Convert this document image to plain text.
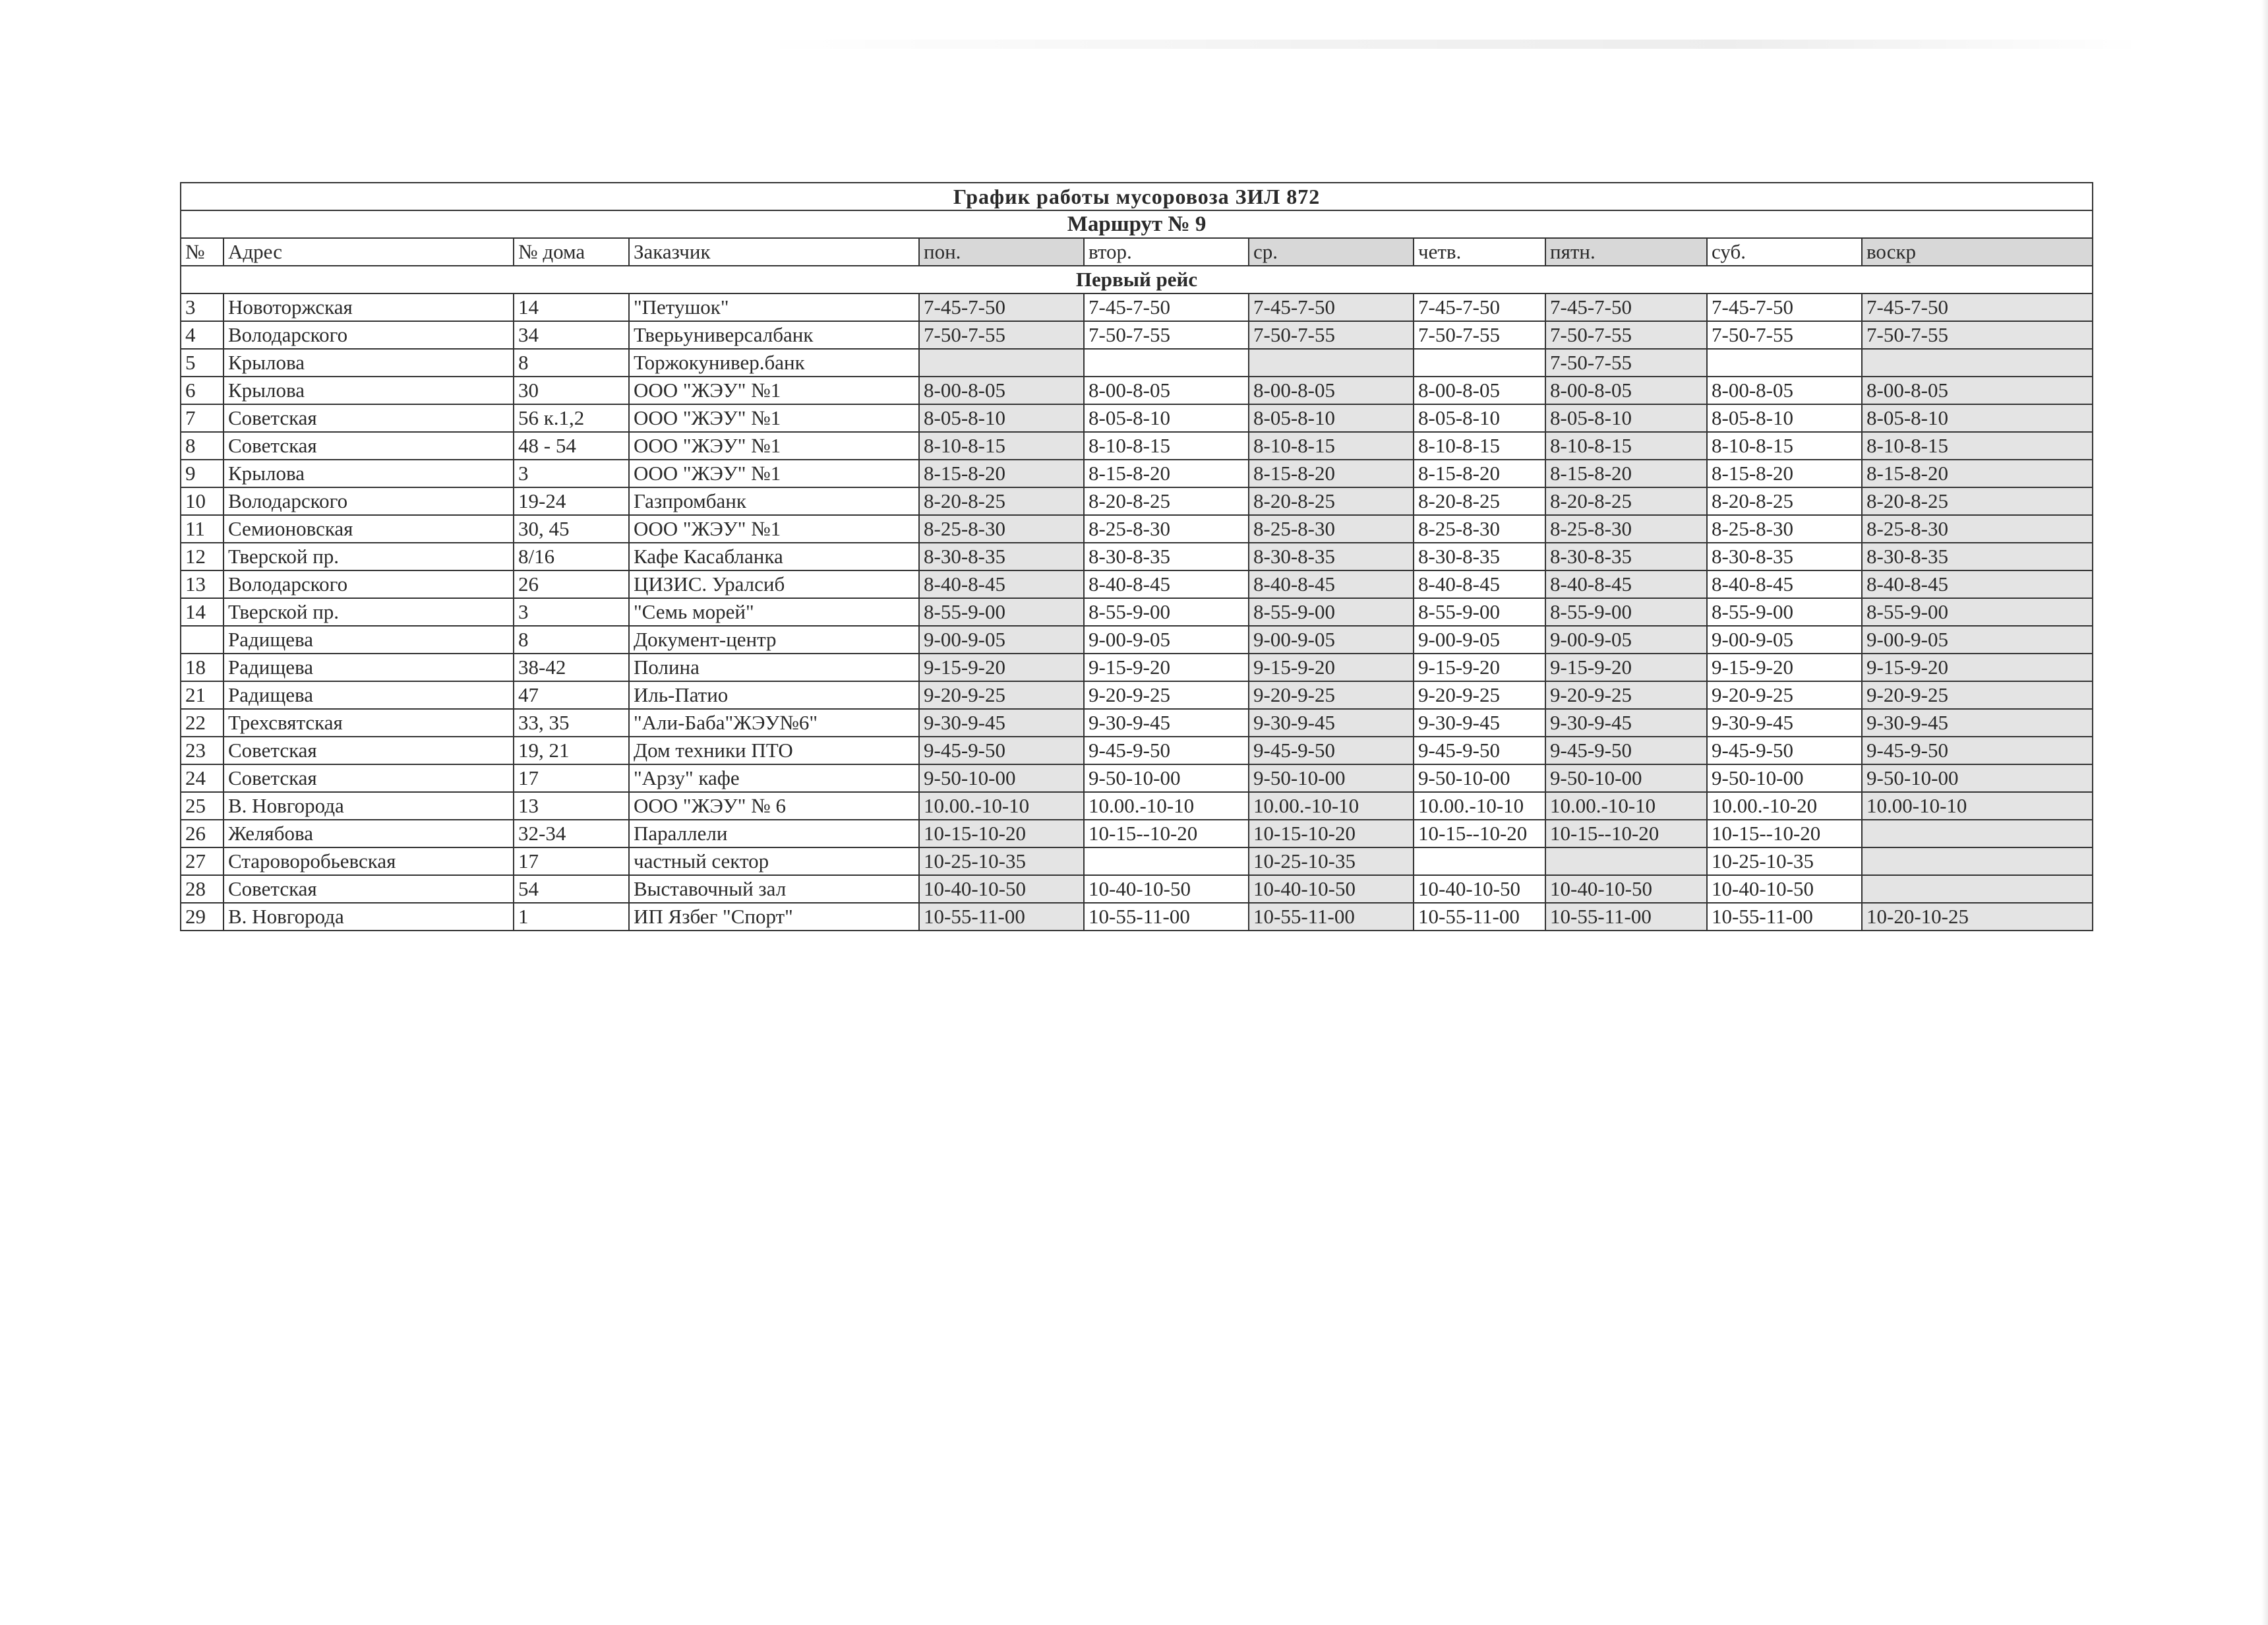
График работы мусоровоза ЗИЛ 872										
Маршрут № 9										
№	Адрес	№ дома	Заказчик	пон.	втор.	ср.	четв.	пятн.	суб.	воскр
Первый рейс										
3	Новоторжская	14	"Петушок"	7-45-7-50	7-45-7-50	7-45-7-50	7-45-7-50	7-45-7-50	7-45-7-50	7-45-7-50
4	Володарского	34	Тверьуниверсалбанк	7-50-7-55	7-50-7-55	7-50-7-55	7-50-7-55	7-50-7-55	7-50-7-55	7-50-7-55
5	Крылова	8	Торжокунивер.банк					7-50-7-55		
6	Крылова	30	ООО "ЖЭУ" №1	8-00-8-05	8-00-8-05	8-00-8-05	8-00-8-05	8-00-8-05	8-00-8-05	8-00-8-05
7	Советская	56 к.1,2	ООО "ЖЭУ" №1	8-05-8-10	8-05-8-10	8-05-8-10	8-05-8-10	8-05-8-10	8-05-8-10	8-05-8-10
8	Советская	48 - 54	ООО "ЖЭУ" №1	8-10-8-15	8-10-8-15	8-10-8-15	8-10-8-15	8-10-8-15	8-10-8-15	8-10-8-15
9	Крылова	3	ООО "ЖЭУ" №1	8-15-8-20	8-15-8-20	8-15-8-20	8-15-8-20	8-15-8-20	8-15-8-20	8-15-8-20
10	Володарского	19-24	Газпромбанк	8-20-8-25	8-20-8-25	8-20-8-25	8-20-8-25	8-20-8-25	8-20-8-25	8-20-8-25
11	Семионовская	30, 45	ООО "ЖЭУ" №1	8-25-8-30	8-25-8-30	8-25-8-30	8-25-8-30	8-25-8-30	8-25-8-30	8-25-8-30
12	Тверской пр.	8/16	Кафе Касабланка	8-30-8-35	8-30-8-35	8-30-8-35	8-30-8-35	8-30-8-35	8-30-8-35	8-30-8-35
13	Володарского	26	ЦИЗИС. Уралсиб	8-40-8-45	8-40-8-45	8-40-8-45	8-40-8-45	8-40-8-45	8-40-8-45	8-40-8-45
14	Тверской пр.	3	"Семь морей"	8-55-9-00	8-55-9-00	8-55-9-00	8-55-9-00	8-55-9-00	8-55-9-00	8-55-9-00
	Радищева	8	Документ-центр	9-00-9-05	9-00-9-05	9-00-9-05	9-00-9-05	9-00-9-05	9-00-9-05	9-00-9-05
18	Радищева	38-42	Полина	9-15-9-20	9-15-9-20	9-15-9-20	9-15-9-20	9-15-9-20	9-15-9-20	9-15-9-20
21	Радищева	47	Иль-Патио	9-20-9-25	9-20-9-25	9-20-9-25	9-20-9-25	9-20-9-25	9-20-9-25	9-20-9-25
22	Трехсвятская	33, 35	"Али-Баба"ЖЭУ№6"	9-30-9-45	9-30-9-45	9-30-9-45	9-30-9-45	9-30-9-45	9-30-9-45	9-30-9-45
23	Советская	19, 21	Дом техники ПТО	9-45-9-50	9-45-9-50	9-45-9-50	9-45-9-50	9-45-9-50	9-45-9-50	9-45-9-50
24	Советская	17	"Арзу" кафе	9-50-10-00	9-50-10-00	9-50-10-00	9-50-10-00	9-50-10-00	9-50-10-00	9-50-10-00
25	В. Новгорода	13	ООО "ЖЭУ" № 6	10.00.-10-10	10.00.-10-10	10.00.-10-10	10.00.-10-10	10.00.-10-10	10.00.-10-20	10.00-10-10
26	Желябова	32-34	Параллели	10-15-10-20	10-15--10-20	10-15-10-20	10-15--10-20	10-15--10-20	10-15--10-20	
27	Староворобьевская	17	частный сектор	10-25-10-35		10-25-10-35			10-25-10-35	
28	Советская	54	Выставочный зал	10-40-10-50	10-40-10-50	10-40-10-50	10-40-10-50	10-40-10-50	10-40-10-50	
29	В. Новгорода	1	ИП Язбег "Спорт"	10-55-11-00	10-55-11-00	10-55-11-00	10-55-11-00	10-55-11-00	10-55-11-00	10-20-10-25
